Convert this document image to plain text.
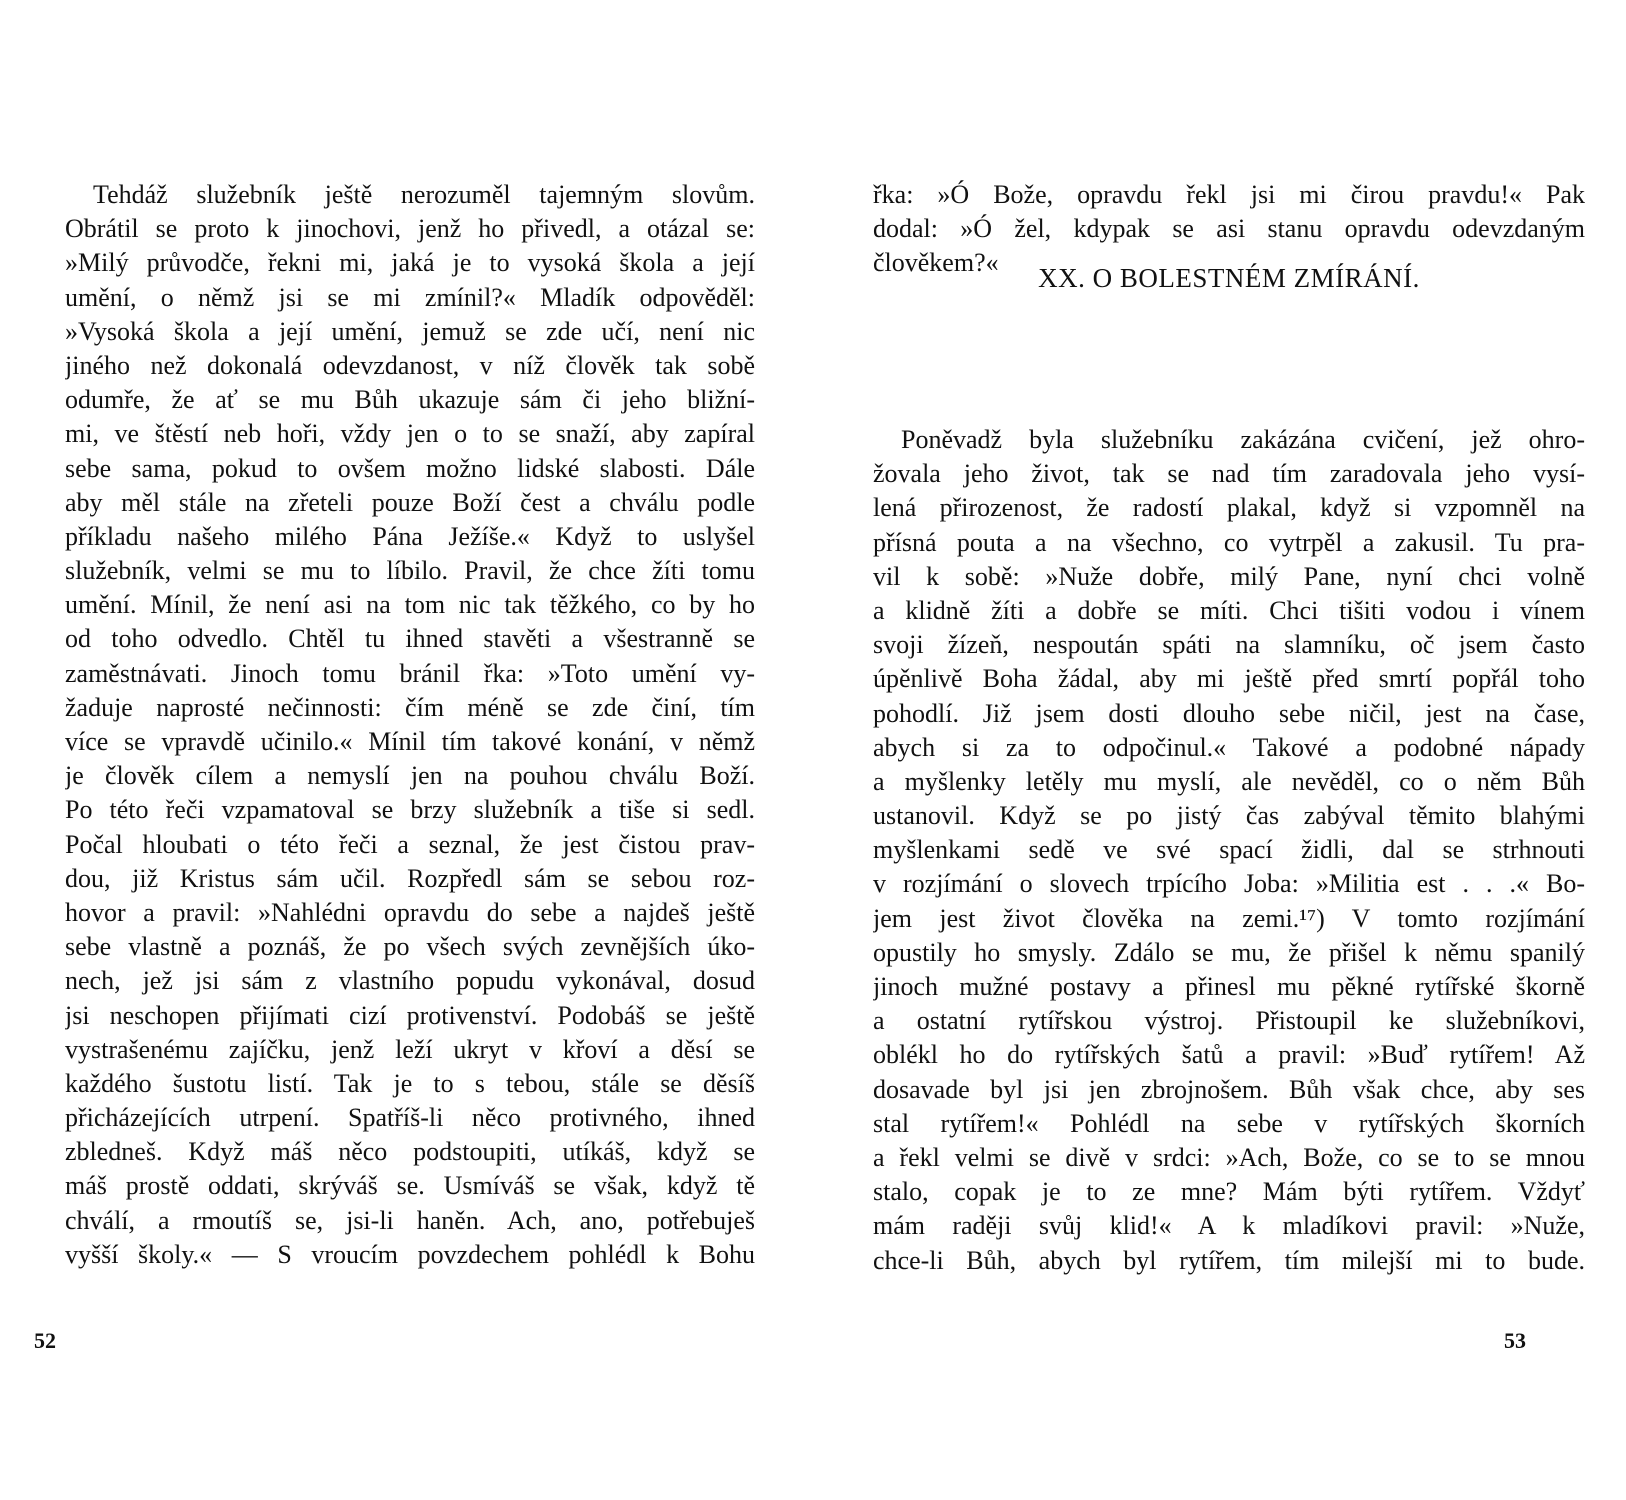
Tehdáž služebník ještě nerozuměl tajemným slovům.
Obrátil se proto k jinochovi, jenž ho přivedl, a otázal se:
»Milý průvodče, řekni mi, jaká je to vysoká škola a její
umění, o němž jsi se mi zmínil?« Mladík odpověděl:
»Vysoká škola a její umění, jemuž se zde učí, není nic
jiného než dokonalá odevzdanost, v níž člověk tak sobě
odumře, že ať se mu Bůh ukazuje sám či jeho bližní-
mi, ve štěstí neb hoři, vždy jen o to se snaží, aby zapíral
sebe sama, pokud to ovšem možno lidské slabosti. Dále
aby měl stále na zřeteli pouze Boží čest a chválu podle
příkladu našeho milého Pána Ježíše.« Když to uslyšel
služebník, velmi se mu to líbilo. Pravil, že chce žíti tomu
umění. Mínil, že není asi na tom nic tak těžkého, co by ho
od toho odvedlo. Chtěl tu ihned stavěti a všestranně se
zaměstnávati. Jinoch tomu bránil řka: »Toto umění vy-
žaduje naprosté nečinnosti: čím méně se zde činí, tím
více se vpravdě učinilo.« Mínil tím takové konání, v němž
je člověk cílem a nemyslí jen na pouhou chválu Boží.
Po této řeči vzpamatoval se brzy služebník a tiše si sedl.
Počal hloubati o této řeči a seznal, že jest čistou prav-
dou, již Kristus sám učil. Rozpředl sám se sebou roz-
hovor a pravil: »Nahlédni opravdu do sebe a najdeš ještě
sebe vlastně a poznáš, že po všech svých zevnějších úko-
nech, jež jsi sám z vlastního popudu vykonával, dosud
jsi neschopen přijímati cizí protivenství. Podobáš se ještě
vystrašenému zajíčku, jenž leží ukryt v křoví a děsí se
každého šustotu listí. Tak je to s tebou, stále se děsíš
přicházejících utrpení. Spatříš-li něco protivného, ihned
zbledneš. Když máš něco podstoupiti, utíkáš, když se
máš prostě oddati, skrýváš se. Usmíváš se však, když tě
chválí, a rmoutíš se, jsi-li haněn. Ach, ano, potřebuješ
vyšší školy.« — S vroucím povzdechem pohlédl k Bohu
52
řka: »Ó Bože, opravdu řekl jsi mi čirou pravdu!« Pak
dodal: »Ó žel, kdypak se asi stanu opravdu odevzdaným
člověkem?«
XX. O BOLESTNÉM ZMÍRÁNÍ.
Poněvadž byla služebníku zakázána cvičení, jež ohro-
žovala jeho život, tak se nad tím zaradovala jeho vysí-
lená přirozenost, že radostí plakal, když si vzpomněl na
přísná pouta a na všechno, co vytrpěl a zakusil. Tu pra-
vil k sobě: »Nuže dobře, milý Pane, nyní chci volně
a klidně žíti a dobře se míti. Chci tišiti vodou i vínem
svoji žízeň, nespoután spáti na slamníku, oč jsem často
úpěnlivě Boha žádal, aby mi ještě před smrtí popřál toho
pohodlí. Již jsem dosti dlouho sebe ničil, jest na čase,
abych si za to odpočinul.« Takové a podobné nápady
a myšlenky letěly mu myslí, ale nevěděl, co o něm Bůh
ustanovil. Když se po jistý čas zabýval těmito blahými
myšlenkami sedě ve své spací židli, dal se strhnouti
v rozjímání o slovech trpícího Joba: »Militia est . . .« Bo-
jem jest život člověka na zemi.¹⁷) V tomto rozjímání
opustily ho smysly. Zdálo se mu, že přišel k němu spanilý
jinoch mužné postavy a přinesl mu pěkné rytířské škorně
a ostatní rytířskou výstroj. Přistoupil ke služebníkovi,
oblékl ho do rytířských šatů a pravil: »Buď rytířem! Až
dosavade byl jsi jen zbrojnošem. Bůh však chce, aby ses
stal rytířem!« Pohlédl na sebe v rytířských škorních
a řekl velmi se divě v srdci: »Ach, Bože, co se to se mnou
stalo, copak je to ze mne? Mám býti rytířem. Vždyť
mám raději svůj klid!« A k mladíkovi pravil: »Nuže,
chce-li Bůh, abych byl rytířem, tím milejší mi to bude.
53
